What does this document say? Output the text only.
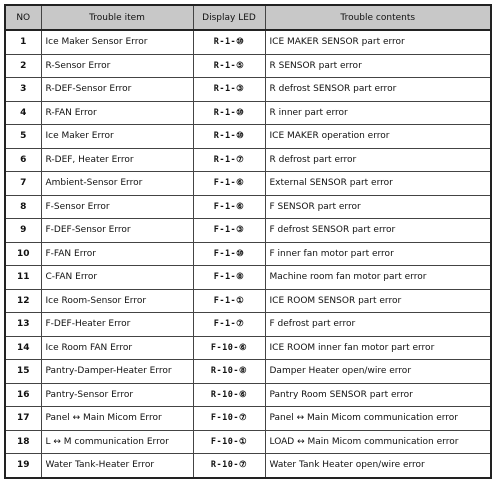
NO	Trouble item	Display LED	Trouble contents
1	Ice Maker Sensor Error	R-1-⑩	ICE MAKER SENSOR part error
2	R-Sensor Error	R-1-⑤	R SENSOR part error
3	R-DEF-Sensor Error	R-1-③	R defrost SENSOR part error
4	R-FAN Error	R-1-⑩	R inner part error
5	Ice Maker Error	R-1-⑩	ICE MAKER operation error
6	R-DEF, Heater Error	R-1-⑦	R defrost part error
7	Ambient-Sensor Error	F-1-⑥	External SENSOR part error
8	F-Sensor Error	F-1-⑥	F SENSOR part error
9	F-DEF-Sensor Error	F-1-③	F defrost SENSOR part error
10	F-FAN Error	F-1-⑩	F inner fan motor part error
11	C-FAN Error	F-1-⑧	Machine room fan motor part error
12	Ice Room-Sensor Error	F-1-①	ICE ROOM SENSOR part error
13	F-DEF-Heater Error	F-1-⑦	F defrost part error
14	Ice Room FAN Error	F-10-⑥	ICE ROOM inner fan motor part error
15	Pantry-Damper-Heater Error	R-10-⑧	Damper Heater open/wire error
16	Pantry-Sensor Error	R-10-⑥	Pantry Room SENSOR part error
17	Panel ↔ Main Micom Error	F-10-⑦	Panel ↔ Main Micom communication error
18	L ↔ M communication Error	F-10-①	LOAD ↔ Main Micom communication error
19	Water Tank-Heater Error	R-10-⑦	Water Tank Heater open/wire error
